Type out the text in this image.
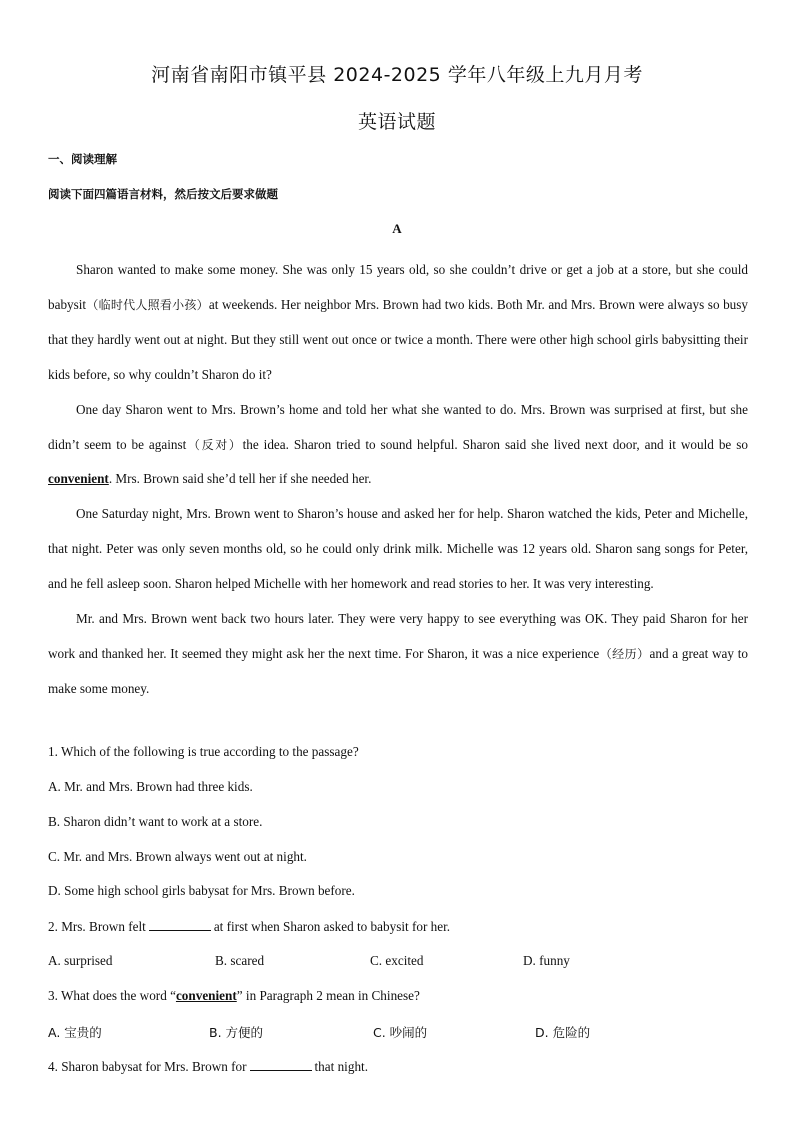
河南省南阳市镇平县 2024-2025 学年八年级上九月月考
英语试题
一、阅读理解
阅读下面四篇语言材料，然后按文后要求做题
A

Sharon wanted to make some money. She was only 15 years old, so she couldn’t drive or get a job at a store, but she could babysit（临时代人照看小孩）at weekends. Her neighbor Mrs. Brown had two kids. Both Mr. and Mrs. Brown were always so busy that they hardly went out at night. But they still went out once or twice a month. There were other high school girls babysitting their kids before, so why couldn’t Sharon do it?

One day Sharon went to Mrs. Brown’s home and told her what she wanted to do. Mrs. Brown was surprised at first, but she didn’t seem to be against（反对）the idea. Sharon tried to sound helpful. Sharon said she lived next door, and it would be so convenient. Mrs. Brown said she’d tell her if she needed her.

One Saturday night, Mrs. Brown went to Sharon’s house and asked her for help. Sharon watched the kids, Peter and Michelle, that night. Peter was only seven months old, so he could only drink milk. Michelle was 12 years old. Sharon sang songs for Peter, and he fell asleep soon. Sharon helped Michelle with her homework and read stories to her. It was very interesting.

Mr. and Mrs. Brown went back two hours later. They were very happy to see everything was OK. They paid Sharon for her work and thanked her. It seemed they might ask her the next time. For Sharon, it was a nice experience（经历）and a great way to make some money.

1. Which of the following is true according to the passage?
A. Mr. and Mrs. Brown had three kids.
B. Sharon didn’t want to work at a store.
C. Mr. and Mrs. Brown always went out at night.
D. Some high school girls babysat for Mrs. Brown before.
2. Mrs. Brown felt	at first when Sharon asked to babysit for her.
A. surprised	B. scared	C. excited	D. funny
3. What does the word “convenient” in Paragraph 2 mean in Chinese?
A. 宝贵的	B. 方便的	C. 吵闹的	D. 危险的
4. Sharon babysat for Mrs. Brown for	that night.
